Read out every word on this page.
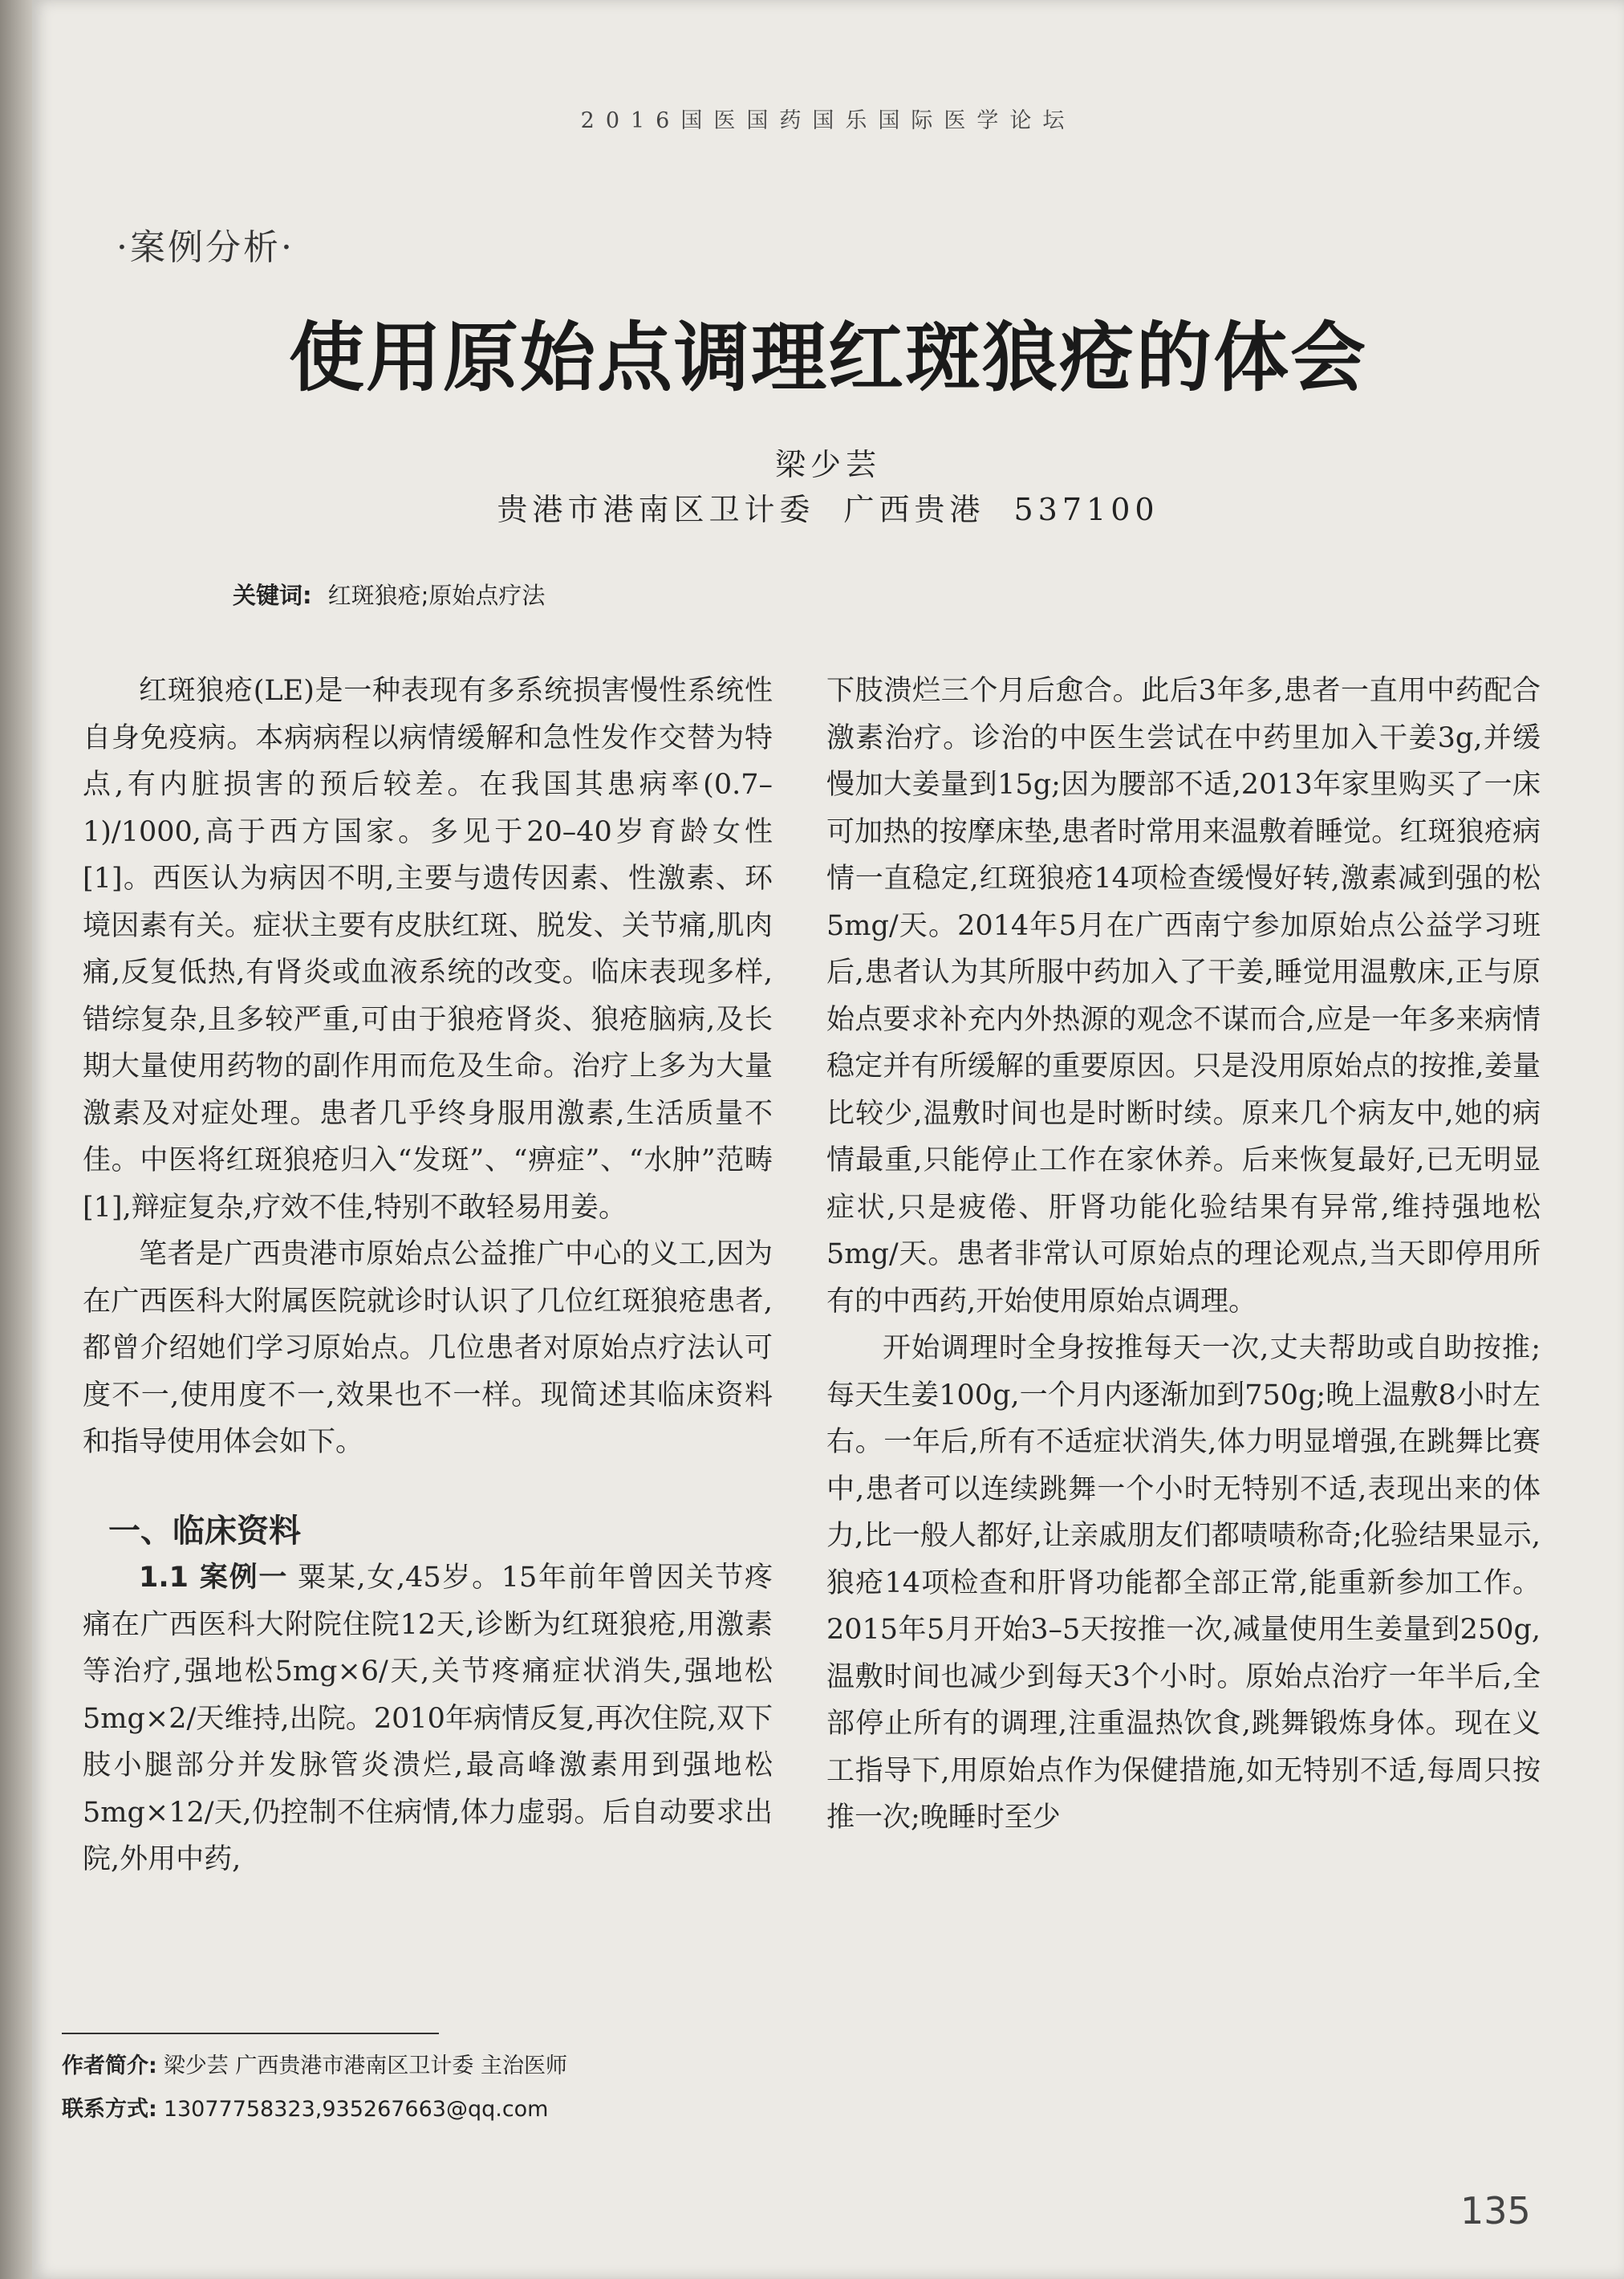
2016国医国药国乐国际医学论坛
·案例分析·
使用原始点调理红斑狼疮的体会
梁少芸
贵港市港南区卫计委 广西贵港 537100
关键词: 红斑狼疮;原始点疗法

红斑狼疮(LE)是一种表现有多系统损害慢性系统性自身免疫病。本病病程以病情缓解和急性发作交替为特点,有内脏损害的预后较差。在我国其患病率(0.7–1)/1000,高于西方国家。多见于20–40岁育龄女性[1]。西医认为病因不明,主要与遗传因素、性激素、环境因素有关。症状主要有皮肤红斑、脱发、关节痛,肌肉痛,反复低热,有肾炎或血液系统的改变。临床表现多样,错综复杂,且多较严重,可由于狼疮肾炎、狼疮脑病,及长期大量使用药物的副作用而危及生命。治疗上多为大量激素及对症处理。患者几乎终身服用激素,生活质量不佳。中医将红斑狼疮归入“发斑”、“痹症”、“水肿”范畴[1],辩症复杂,疗效不佳,特别不敢轻易用姜。

笔者是广西贵港市原始点公益推广中心的义工,因为在广西医科大附属医院就诊时认识了几位红斑狼疮患者,都曾介绍她们学习原始点。几位患者对原始点疗法认可度不一,使用度不一,效果也不一样。现简述其临床资料和指导使用体会如下。

一、临床资料

1.1 案例一 粟某,女,45岁。15年前年曾因关节疼痛在广西医科大附院住院12天,诊断为红斑狼疮,用激素等治疗,强地松5mg×6/天,关节疼痛症状消失,强地松5mg×2/天维持,出院。2010年病情反复,再次住院,双下肢小腿部分并发脉管炎溃烂,最高峰激素用到强地松5mg×12/天,仍控制不住病情,体力虚弱。后自动要求出院,外用中药,

下肢溃烂三个月后愈合。此后3年多,患者一直用中药配合激素治疗。诊治的中医生尝试在中药里加入干姜3g,并缓慢加大姜量到15g;因为腰部不适,2013年家里购买了一床可加热的按摩床垫,患者时常用来温敷着睡觉。红斑狼疮病情一直稳定,红斑狼疮14项检查缓慢好转,激素减到强的松5mg/天。2014年5月在广西南宁参加原始点公益学习班后,患者认为其所服中药加入了干姜,睡觉用温敷床,正与原始点要求补充内外热源的观念不谋而合,应是一年多来病情稳定并有所缓解的重要原因。只是没用原始点的按推,姜量比较少,温敷时间也是时断时续。原来几个病友中,她的病情最重,只能停止工作在家休养。后来恢复最好,已无明显症状,只是疲倦、肝肾功能化验结果有异常,维持强地松5mg/天。患者非常认可原始点的理论观点,当天即停用所有的中西药,开始使用原始点调理。

开始调理时全身按推每天一次,丈夫帮助或自助按推;每天生姜100g,一个月内逐渐加到750g;晚上温敷8小时左右。一年后,所有不适症状消失,体力明显增强,在跳舞比赛中,患者可以连续跳舞一个小时无特别不适,表现出来的体力,比一般人都好,让亲戚朋友们都啧啧称奇;化验结果显示,狼疮14项检查和肝肾功能都全部正常,能重新参加工作。2015年5月开始3–5天按推一次,减量使用生姜量到250g,温敷时间也减少到每天3个小时。原始点治疗一年半后,全部停止所有的调理,注重温热饮食,跳舞锻炼身体。现在义工指导下,用原始点作为保健措施,如无特别不适,每周只按推一次;晚睡时至少

作者简介: 梁少芸 广西贵港市港南区卫计委 主治医师
联系方式: 13077758323,935267663@qq.com
135
